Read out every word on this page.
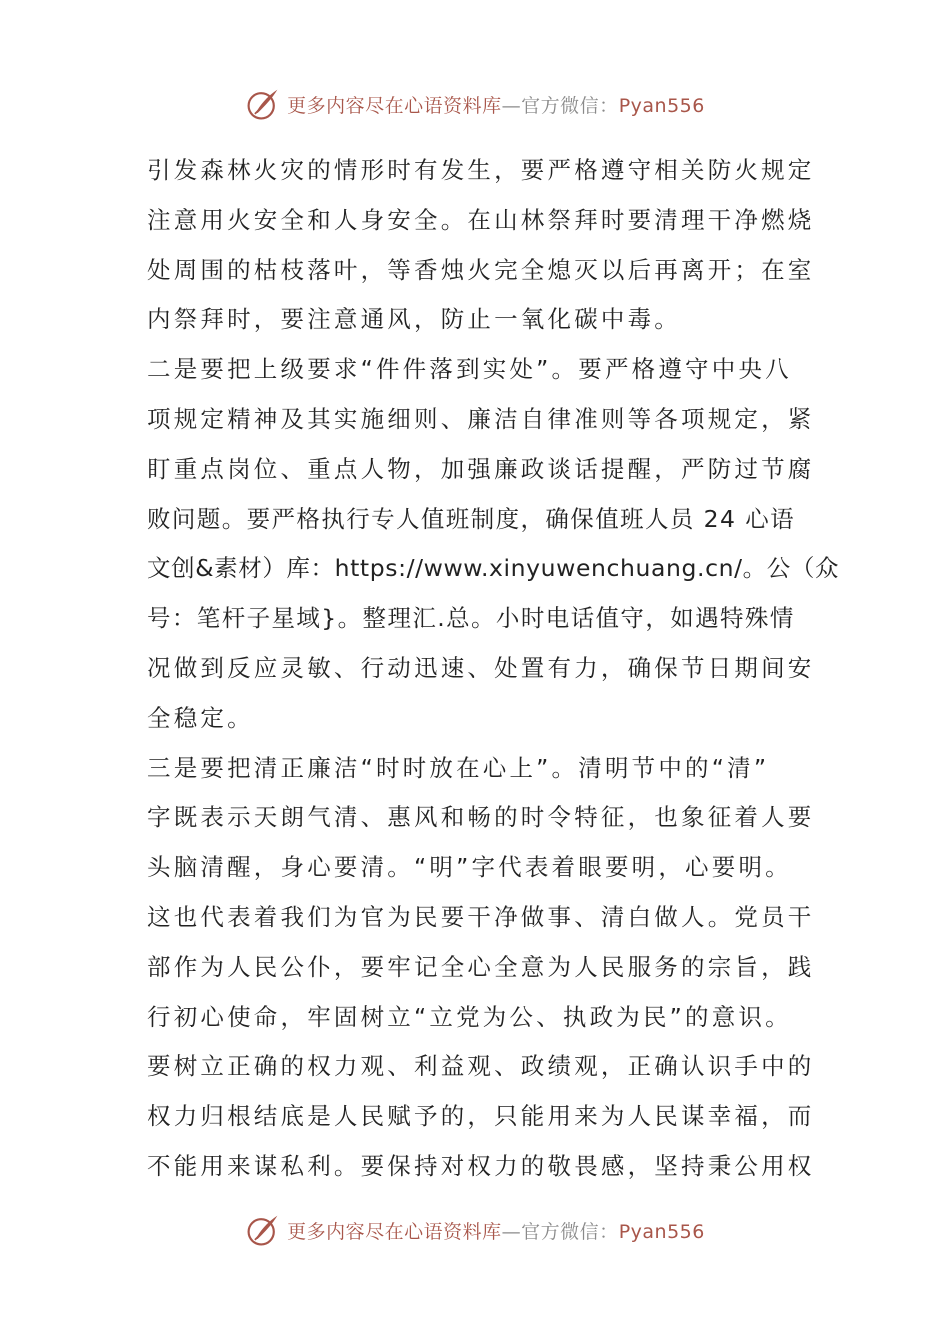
更多内容尽在心语资料库—官方微信：Pyan556
引发森林火灾的情形时有发生，要严格遵守相关防火规定
注意用火安全和人身安全。在山林祭拜时要清理干净燃烧
处周围的枯枝落叶，等香烛火完全熄灭以后再离开；在室
内祭拜时，要注意通风，防止一氧化碳中毒。
二是要把上级要求“件件落到实处”。要严格遵守中央八
项规定精神及其实施细则、廉洁自律准则等各项规定，紧
盯重点岗位、重点人物，加强廉政谈话提醒，严防过节腐
败问题。要严格执行专人值班制度，确保值班人员 24 心语
文创&素材）库：https://www.xinyuwenchuang.cn/。公（众
号：笔杆子星域}。整理汇.总。小时电话值守，如遇特殊情
况做到反应灵敏、行动迅速、处置有力，确保节日期间安
全稳定。
三是要把清正廉洁“时时放在心上”。清明节中的“清”
字既表示天朗气清、惠风和畅的时令特征，也象征着人要
头脑清醒，身心要清。“明”字代表着眼要明，心要明。
这也代表着我们为官为民要干净做事、清白做人。党员干
部作为人民公仆，要牢记全心全意为人民服务的宗旨，践
行初心使命，牢固树立“立党为公、执政为民”的意识。
要树立正确的权力观、利益观、政绩观，正确认识手中的
权力归根结底是人民赋予的，只能用来为人民谋幸福，而
不能用来谋私利。要保持对权力的敬畏感，坚持秉公用权
更多内容尽在心语资料库—官方微信：Pyan556
